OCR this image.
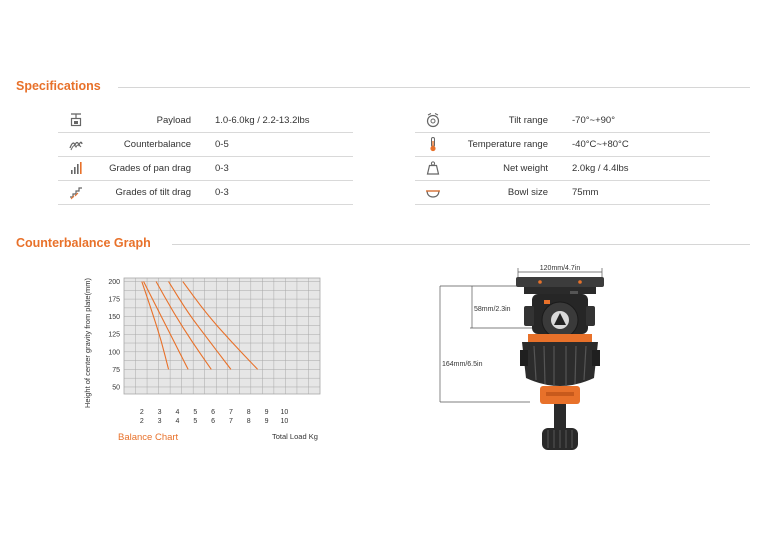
Specifications
Payload	1.0-6.0kg / 2.2-13.2lbs
Counterbalance	0-5
Grades of pan drag	0-3
Grades of tilt drag	0-3
Tilt range	-70°~+90°
Temperature range	-40°C~+80°C
Net weight	2.0kg / 4.4lbs
Bowl size	75mm
Counterbalance Graph
Height of center gravity from plate(mm)	50
75
100
125
150
175
200
2 3 4 5 6 7 8 9 10
2 3 4 5 6 7 8 9 10
Balance Chart	Total Load Kg
120mm/4.7in
58mm/2.3in
164mm/6.5in
